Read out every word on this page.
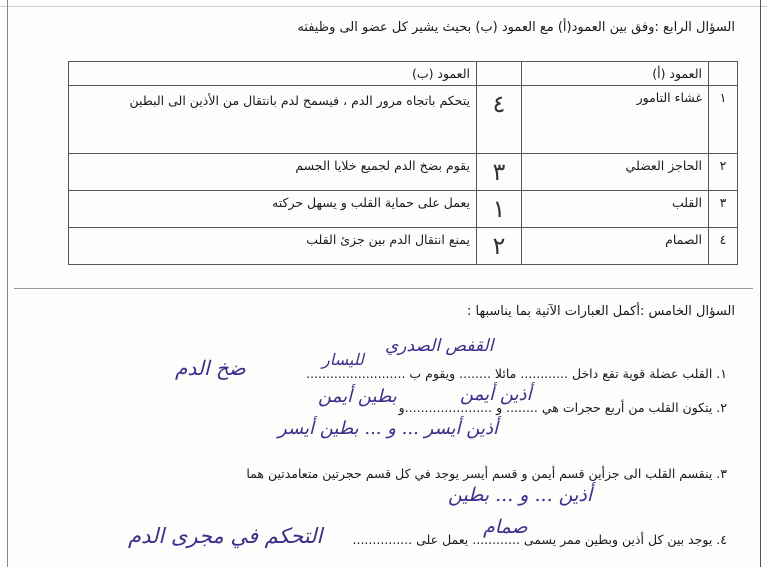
السؤال الرابع :وفق بين العمود(أ) مع العمود (ب) بحيث يشير كل عضو الى وظيفته
	العمود (أ)		العمود (ب)
١	غشاء التامور	٤	يتحكم باتجاه مرور الدم ، فيسمح لدم بانتقال من الأذين الى البطين
٢	الحاجز العضلي	٣	يقوم بضخ الدم لجميع خلايا الجسم
٣	القلب	١	يعمل على حماية القلب و يسهل حركته
٤	الصمام	٢	يمنع انتقال الدم بين جزئ القلب
السؤال الخامس :أكمل العبارات الآتية بما يناسبها :
١. القلب عضلة قوية تقع داخل ............ مائلا ........ ويقوم ب .........................
القفص الصدري
لليسار
ضخ الدم
٢. يتكون القلب من أربع حجرات هي ........ و ......................و
أذين أيمن
بطين أيمن
أذين أيسر ... و ... بطين أيسر
٣. ينقسم القلب الى جزأين قسم أيمن و قسم أيسر يوجد في كل قسم حجرتين متعامدتين هما
أذين ... و ... بطين
٤. يوجد بين كل أذين وبطين ممر يسمى ............ يعمل على ...............
صمام
التحكم في مجرى الدم
